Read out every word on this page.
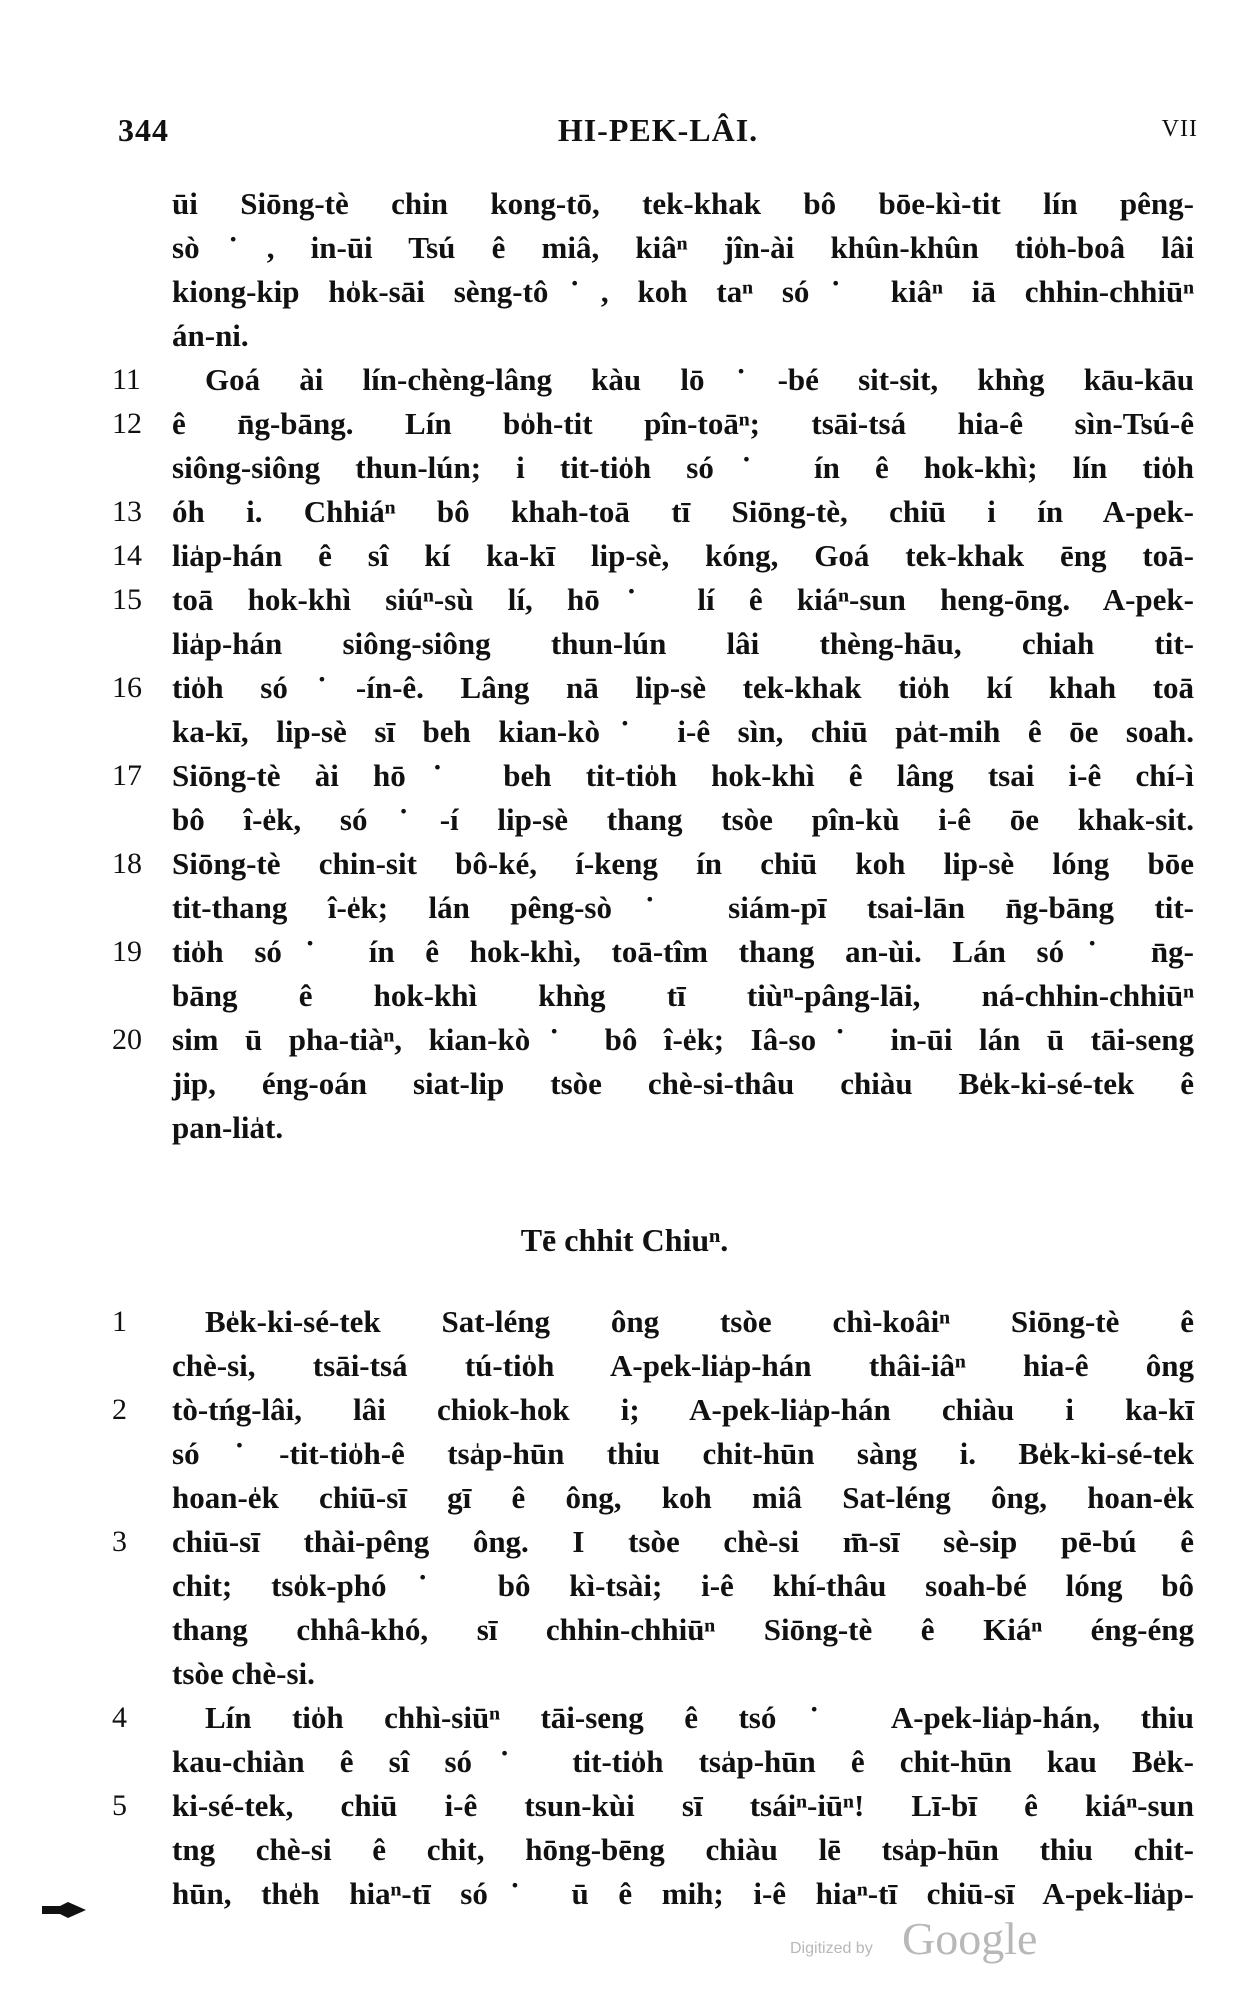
344	HI-PEK-LÂI.	VII
ūi Siōng-tè chin kong-tō, tek-khak bô bōe-kì-tit lín pêng-
sò˙, in-ūi Tsú ê miâ, kiâⁿ jîn-ài khûn-khûn tio̍h-boâ lâi
kiong-kip ho̍k-sāi sèng-tô˙, koh taⁿ só˙ kiâⁿ iā chhin-chhiūⁿ
án-ni.
Goá ài lín-chèng-lâng kàu lō˙-bé sit-sit, khǹg kāu-kāu
ê n̄g-bāng. Lín bo̍h-tit pîn-toāⁿ; tsāi-tsá hia-ê sìn-Tsú-ê
siông-siông thun-lún; i tit-tio̍h só˙ ín ê hok-khì; lín tio̍h
óh i. Chhiáⁿ bô khah-toā tī Siōng-tè, chiū i ín A-pek-
lia̍p-hán ê sî kí ka-kī lip-sè, kóng, Goá tek-khak ēng toā-
toā hok-khì siúⁿ-sù lí, hō˙ lí ê kiáⁿ-sun heng-ōng. A-pek-
lia̍p-hán siông-siông thun-lún lâi thèng-hāu, chiah tit-
tio̍h só˙-ín-ê. Lâng nā lip-sè tek-khak tio̍h kí khah toā
ka-kī, lip-sè sī beh kian-kò˙ i-ê sìn, chiū pa̍t-mih ê ōe soah.
Siōng-tè ài hō˙ beh tit-tio̍h hok-khì ê lâng tsai i-ê chí-ì
bô î-e̍k, só˙-í lip-sè thang tsòe pîn-kù i-ê ōe khak-sit.
Siōng-tè chin-sit bô-ké, í-keng ín chiū koh lip-sè lóng bōe
tit-thang î-e̍k; lán pêng-sò˙ siám-pī tsai-lān n̄g-bāng tit-
tio̍h só˙ ín ê hok-khì, toā-tîm thang an-ùi. Lán só˙ n̄g-
bāng ê hok-khì khǹg tī tiùⁿ-pâng-lāi, ná-chhin-chhiūⁿ
sim ū pha-tiàⁿ, kian-kò˙ bô î-e̍k; Iâ-so˙ in-ūi lán ū tāi-seng
jip, éng-oán siat-lip tsòe chè-si-thâu chiàu Be̍k-ki-sé-tek ê
pan-lia̍t.
11
12
13
14
15
16
17
18
19
20
Tē chhit Chiuⁿ.
Be̍k-ki-sé-tek Sat-léng ông tsòe chì-koâiⁿ Siōng-tè ê
chè-si, tsāi-tsá tú-tio̍h A-pek-lia̍p-hán thâi-iâⁿ hia-ê ông
tò-tńg-lâi, lâi chiok-hok i; A-pek-lia̍p-hán chiàu i ka-kī
só˙-tit-tio̍h-ê tsa̍p-hūn thiu chit-hūn sàng i. Be̍k-ki-sé-tek
hoan-e̍k chiū-sī gī ê ông, koh miâ Sat-léng ông, hoan-e̍k
chiū-sī thài-pêng ông. I tsòe chè-si m̄-sī sè-sip pē-bú ê
chit; tso̍k-phó˙ bô kì-tsài; i-ê khí-thâu soah-bé lóng bô
thang chhâ-khó, sī chhin-chhiūⁿ Siōng-tè ê Kiáⁿ éng-éng
tsòe chè-si.
Lín tio̍h chhì-siūⁿ tāi-seng ê tsó˙ A-pek-lia̍p-hán, thiu
kau-chiàn ê sî só˙ tit-tio̍h tsa̍p-hūn ê chit-hūn kau Be̍k-
ki-sé-tek, chiū i-ê tsun-kùi sī tsáiⁿ-iūⁿ! Lī-bī ê kiáⁿ-sun
tng chè-si ê chit, hōng-bēng chiàu lē tsa̍p-hūn thiu chit-
hūn, the̍h hiaⁿ-tī só˙ ū ê mih; i-ê hiaⁿ-tī chiū-sī A-pek-lia̍p-
1
2
3
4
5
Digitized by Google
